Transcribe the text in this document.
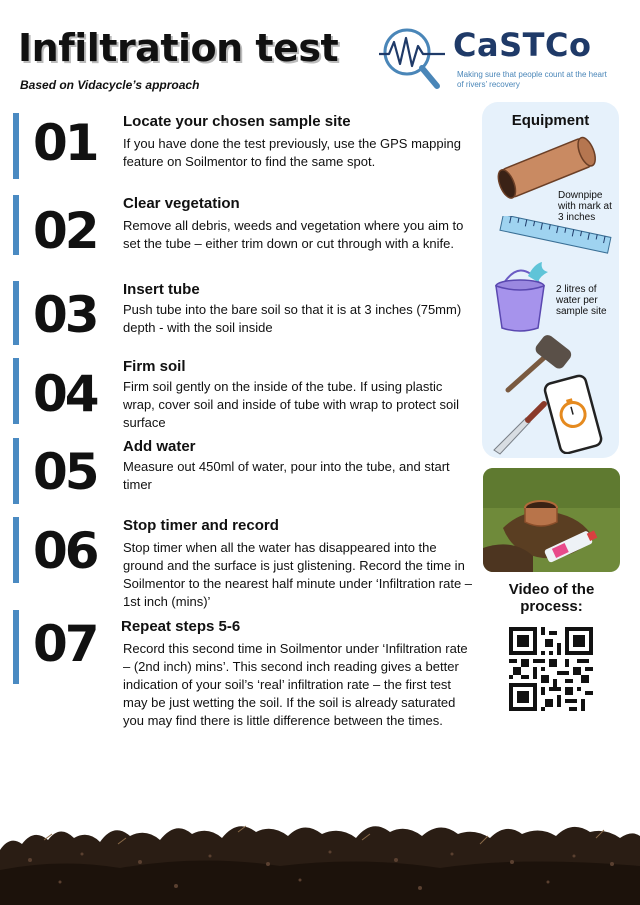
Infiltration test
Based on Vidacycle’s approach
CaSTCo
Making sure that people count at the heart of rivers’ recovery
01 Locate your chosen sample site
If you have done the test previously, use the GPS mapping feature on Soilmentor to find the same spot.
02 Clear vegetation
Remove all debris, weeds and vegetation where you aim to set the tube – either trim down or cut through with a knife.
03 Insert tube
Push tube into the bare soil so that it is at 3 inches (75mm) depth - with the soil inside
04 Firm soil
Firm soil gently on the inside of the tube. If using plastic wrap, cover soil and inside of tube with wrap to protect soil surface
05 Add water
Measure out 450ml of water, pour into the tube, and start timer
06 Stop timer and record
Stop timer when all the water has disappeared into the ground and the surface is just glistening. Record the time in Soilmentor to the nearest half minute under ‘Infiltration rate – 1st inch (mins)’
07 Repeat steps 5-6
Record this second time in Soilmentor under ‘Infiltration rate – (2nd inch) mins’. This second inch reading gives a better indication of your soil’s ‘real’ infiltration rate – the first test may be just wetting the soil. If the soil is already saturated you may find there is little difference between the times.
Equipment
Downpipe with mark at 3 inches
2 litres of water per sample site
Video of the process:
